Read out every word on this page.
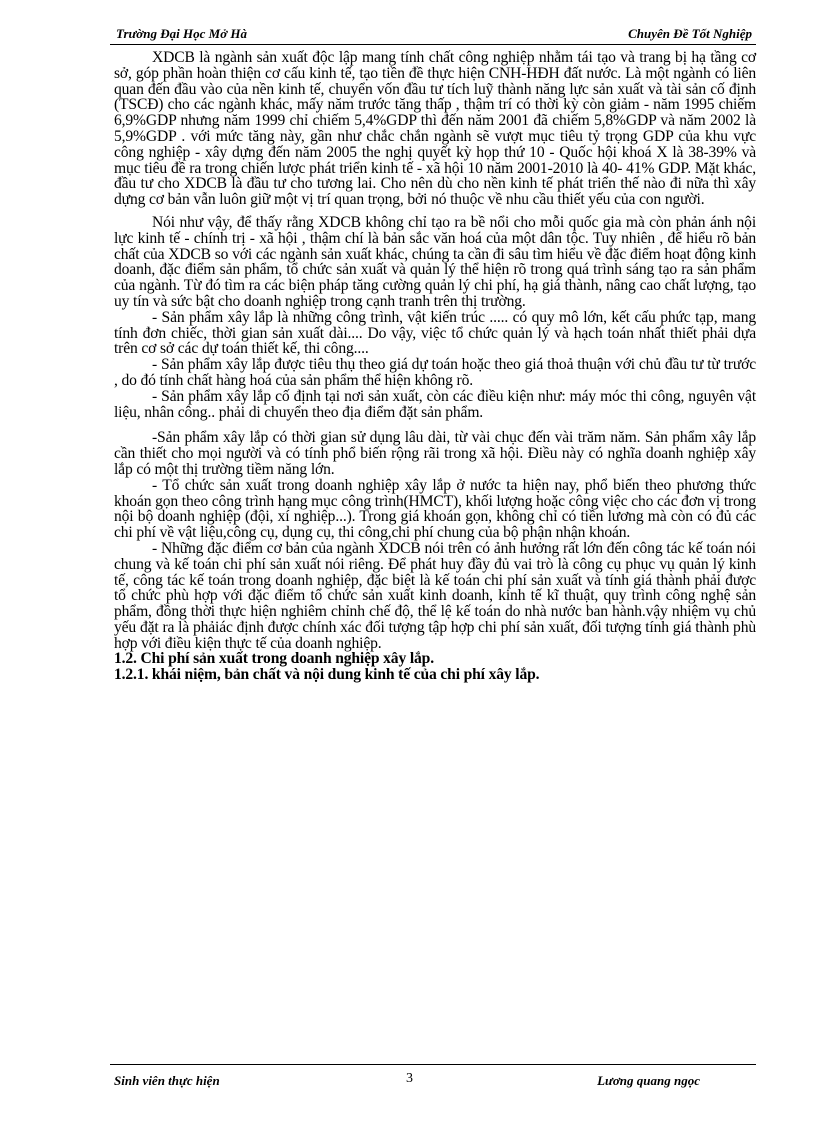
Trường Đại Học Mở Hà	Chuyên Đề Tốt Nghiệp

XDCB là ngành sản xuất độc lập mang tính chất công nghiệp nhằm tái tạo và trang bị hạ tầng cơ sở, góp phần hoàn thiện cơ cấu kinh tế, tạo tiền đề thực hiện CNH-HĐH đất nước. Là một ngành có liên quan đến đầu vào của nền kinh tế, chuyển vốn đầu tư tích luỹ thành năng lực sản xuất và tài sản cố định (TSCĐ) cho các ngành khác, mấy năm trước tăng thấp , thậm trí có thời kỳ còn giảm - năm 1995 chiếm 6,9%GDP nhưng năm 1999 chỉ chiếm 5,4%GDP thì đến năm 2001 đã chiếm 5,8%GDP và năm 2002 là 5,9%GDP . với mức tăng này, gần như chắc chắn ngành sẽ vượt mục tiêu tỷ trọng GDP của khu vực công nghiệp - xây dựng đến năm 2005 the nghị quyết kỳ họp thứ 10 - Quốc hội khoá X là 38-39% và mục tiêu đề ra trong chiến lược phát triển kinh tế - xã hội 10 năm 2001-2010 là 40- 41% GDP. Mặt khác, đầu tư cho XDCB là đầu tư cho tương lai. Cho nên dù cho nền kinh tế phát triển thế nào đi nữa thì xây dựng cơ bản vẫn luôn giữ một vị trí quan trọng, bởi nó thuộc về nhu cầu thiết yếu của con người.

Nói như vậy, để thấy rằng XDCB không chỉ tạo ra bề nổi cho mỗi quốc gia mà còn phản ánh nội lực kinh tế - chính trị - xã hội , thậm chí là bản sắc văn hoá của một dân tộc. Tuy nhiên , để hiểu rõ bản chất của XDCB so với các ngành sản xuất khác, chúng ta cần đi sâu tìm hiểu về đặc điểm hoạt động kinh doanh, đặc điểm sản phẩm, tổ chức sản xuất và quản lý thể hiện rõ trong quá trình sáng tạo ra sản phẩm của ngành. Từ đó tìm ra các biện pháp tăng cường quản lý chi phí, hạ giá thành, nâng cao chất lượng, tạo uy tín và sức bật cho doanh nghiệp trong cạnh tranh trên thị trường.

- Sản phẩm xây lắp là những công trình, vật kiến trúc ..... có quy mô lớn, kết cấu phức tạp, mang tính đơn chiếc, thời gian sản xuất dài.... Do vậy, việc tổ chức quản lý và hạch toán nhất thiết phải dựa trên cơ sở các dự toán thiết kế, thi công....

- Sản phẩm xây lắp được tiêu thụ theo giá dự toán hoặc theo giá thoả thuận với chủ đầu tư từ trước , do đó tính chất hàng hoá của sản phẩm thể hiện không rõ.

- Sản phẩm xây lắp cố định tại nơi sản xuất, còn các điều kiện như: máy móc thi công, nguyên vật liệu, nhân công.. phải di chuyển theo địa điểm đặt sản phẩm.

-Sản phẩm xây lắp có thời gian sử dụng lâu dài, từ vài chục đến vài trăm năm. Sản phẩm xây lắp cần thiết cho mọi người và có tính phổ biến rộng rãi trong xã hội. Điều này có nghĩa doanh nghiệp xây lắp có một thị trường tiềm năng lớn.

- Tổ chức sản xuất trong doanh nghiệp xây lắp ở nước ta hiện nay, phổ biến theo phương thức khoán gọn theo công trình hạng mục công trình(HMCT), khối lượng hoặc công việc cho các đơn vị trong nội bộ doanh nghiệp (đội, xí nghiệp...). Trong giá khoán gọn, không chỉ có tiền lương mà còn có đủ các chi phí về vật liệu,công cụ, dụng cụ, thi công,chi phí chung của bộ phận nhận khoán.

- Những đặc điểm cơ bản của ngành XDCB nói trên có ảnh hưởng rất lớn đến công tác kế toán nói chung và kế toán chi phí sản xuất nói riêng. Để phát huy đầy đủ vai trò là công cụ phục vụ quản lý kinh tế, công tác kế toán trong doanh nghiệp, đặc biệt là kế toán chi phí sản xuất và tính giá thành phải được tổ chức phù hợp với đặc điểm tổ chức sản xuất kinh doanh, kinh tế kĩ thuật, quy trình công nghệ sản phẩm, đồng thời thực hiện nghiêm chỉnh chế độ, thể lệ kế toán do nhà nước ban hành.vậy nhiệm vụ chủ yếu đặt ra là phảiác định được chính xác đối tượng tập hợp chi phí sản xuất, đối tượng tính giá thành phù hợp với điều kiện thực tế của doanh nghiệp.

1.2. Chi phí sản xuất trong doanh nghiệp xây lắp.

1.2.1. khái niệm, bản chất và nội dung kinh tế của chi phí xây lắp.

Sinh viên thực hiện	3	Lương quang ngọc
